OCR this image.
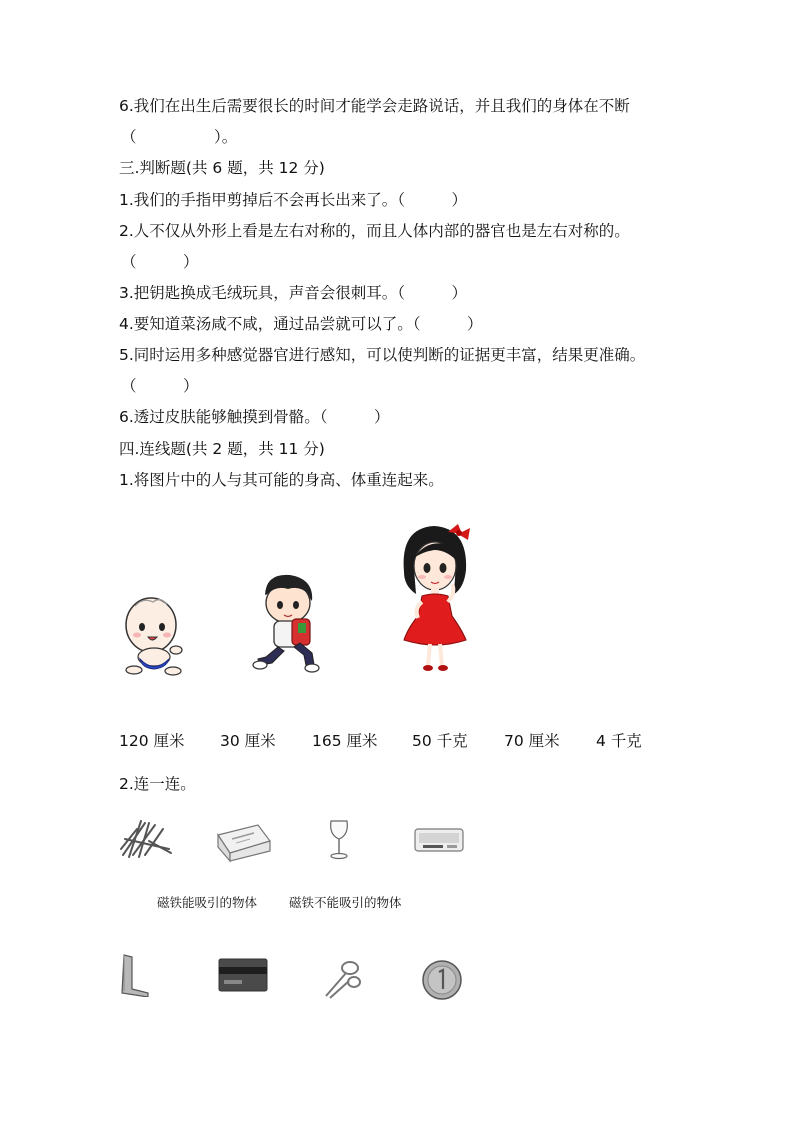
6.我们在出生后需要很长的时间才能学会走路说话，并且我们的身体在不断
（　　　　　）。
三.判断题(共 6 题，共 12 分)
1.我们的手指甲剪掉后不会再长出来了。（　　　）
2.人不仅从外形上看是左右对称的，而且人体内部的器官也是左右对称的。
（　　　）
3.把钥匙换成毛绒玩具，声音会很刺耳。（　　　）
4.要知道菜汤咸不咸，通过品尝就可以了。（　　　）
5.同时运用多种感觉器官进行感知，可以使判断的证据更丰富，结果更准确。
（　　　）
6.透过皮肤能够触摸到骨骼。（　　　）
四.连线题(共 2 题，共 11 分)
1.将图片中的人与其可能的身高、体重连起来。
120 厘米 30 厘米 165 厘米 50 千克 70 厘米 4 千克
2.连一连。
磁铁能吸引的物体	磁铁不能吸引的物体
